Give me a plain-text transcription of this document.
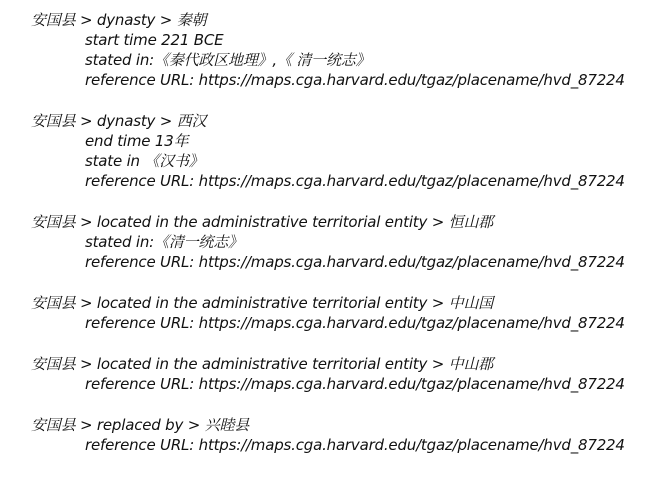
安国县 > dynasty > 秦朝
start time 221 BCE
stated in:《秦代政区地理》,《 清一统志》
reference URL: https://maps.cga.harvard.edu/tgaz/placename/hvd_87224
安国县 > dynasty > 西汉
end time 13年
state in 《汉书》
reference URL: https://maps.cga.harvard.edu/tgaz/placename/hvd_87224
安国县 > located in the administrative territorial entity > 恒山郡
stated in:《清一统志》
reference URL: https://maps.cga.harvard.edu/tgaz/placename/hvd_87224
安国县 > located in the administrative territorial entity > 中山国
reference URL: https://maps.cga.harvard.edu/tgaz/placename/hvd_87224
安国县 > located in the administrative territorial entity > 中山郡
reference URL: https://maps.cga.harvard.edu/tgaz/placename/hvd_87224
安国县 > replaced by > 兴睦县
reference URL: https://maps.cga.harvard.edu/tgaz/placename/hvd_87224
